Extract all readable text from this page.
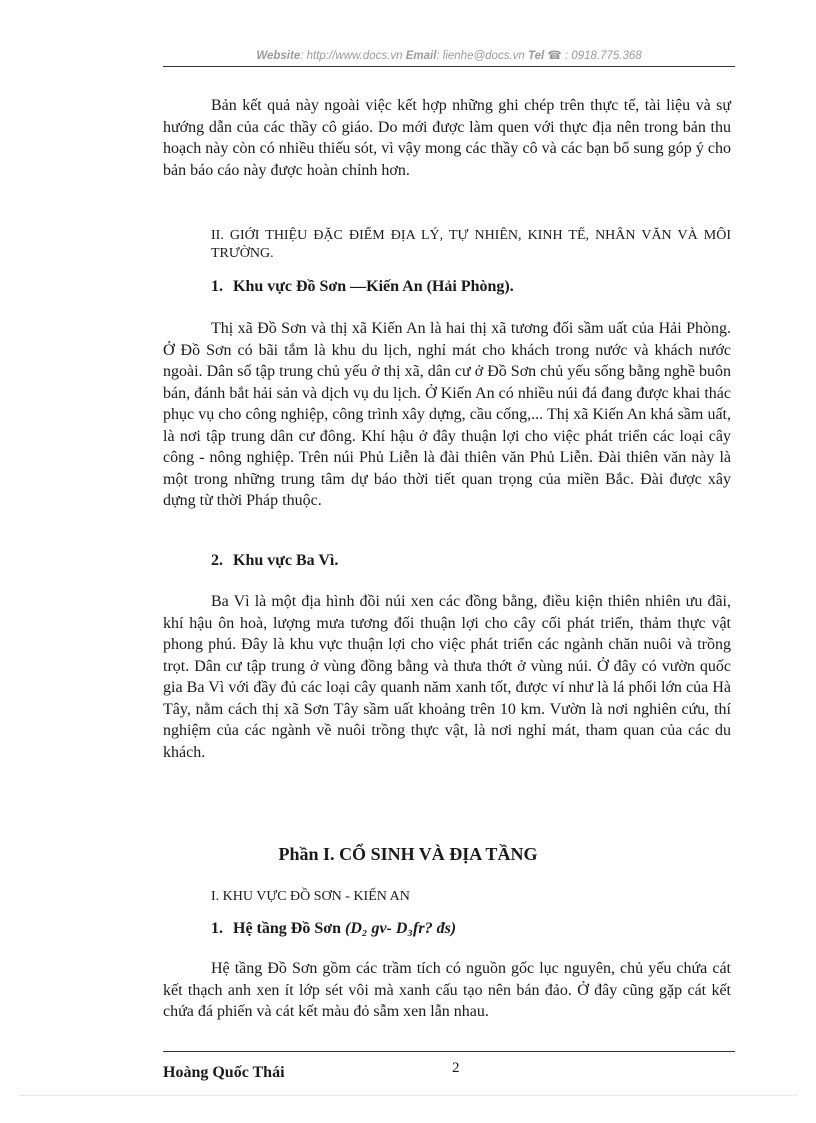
Website: http://www.docs.vn Email: lienhe@docs.vn Tel ☎ : 0918.775.368

Bản kết quả này ngoài việc kết hợp những ghi chép trên thực tế, tài liệu và sự hướng dẫn của các thầy cô giáo. Do mới được làm quen với thực địa nên trong bản thu hoạch này còn có nhiều thiếu sót, vì vậy mong các thầy cô và các bạn bổ sung góp ý cho bản báo cáo này được hoàn chỉnh hơn.

II. GIỚI THIỆU ĐẶC ĐIỂM ĐỊA LÝ, TỰ NHIÊN, KINH TẾ, NHÂN VĂN VÀ MÔI TRƯỜNG.

1. Khu vực Đồ Sơn —Kiến An (Hải Phòng).

Thị xã Đồ Sơn và thị xã Kiến An là hai thị xã tương đối sầm uất của Hải Phòng. Ở Đồ Sơn có bãi tắm là khu du lịch, nghỉ mát cho khách trong nước và khách nước ngoài. Dân số tập trung chủ yếu ở thị xã, dân cư ở Đồ Sơn chủ yếu sống bằng nghề buôn bán, đánh bắt hải sản và dịch vụ du lịch. Ở Kiến An có nhiều núi đá đang được khai thác phục vụ cho công nghiệp, công trình xây dựng, cầu cống,... Thị xã Kiến An khá sầm uất, là nơi tập trung dân cư đông. Khí hậu ở đây thuận lợi cho việc phát triển các loại cây công - nông nghiệp. Trên núi Phủ Liễn là đài thiên văn Phủ Liễn. Đài thiên văn này là một trong những trung tâm dự báo thời tiết quan trọng của miền Bắc. Đài được xây dựng từ thời Pháp thuộc.

2. Khu vực Ba Vì.

Ba Vì là một địa hình đồi núi xen các đồng bằng, điều kiện thiên nhiên ưu đãi, khí hậu ôn hoà, lượng mưa tương đối thuận lợi cho cây cối phát triển, thảm thực vật phong phú. Đây là khu vực thuận lợi cho việc phát triển các ngành chăn nuôi và trồng trọt. Dân cư tập trung ở vùng đồng bằng và thưa thớt ở vùng núi. Ở đây có vườn quốc gia Ba Vì với đầy đủ các loại cây quanh năm xanh tốt, được ví như là lá phổi lớn của Hà Tây, nằm cách thị xã Sơn Tây sầm uất khoảng trên 10 km. Vườn là nơi nghiên cứu, thí nghiệm của các ngành về nuôi trồng thực vật, là nơi nghỉ mát, tham quan của các du khách.

Phần I. CỔ SINH VÀ ĐỊA TẦNG

I. KHU VỰC ĐỒ SƠN - KIẾN AN

1. Hệ tầng Đồ Sơn (D₂ gv- D₃fr? đs)

Hệ tầng Đồ Sơn gồm các trầm tích có nguồn gốc lục nguyên, chủ yếu chứa cát kết thạch anh xen ít lớp sét vôi mà xanh cấu tạo nên bán đảo. Ở đây cũng gặp cát kết chứa đá phiến và cát kết màu đỏ sẫm xen lẫn nhau.

Hoàng Quốc Thái	2
